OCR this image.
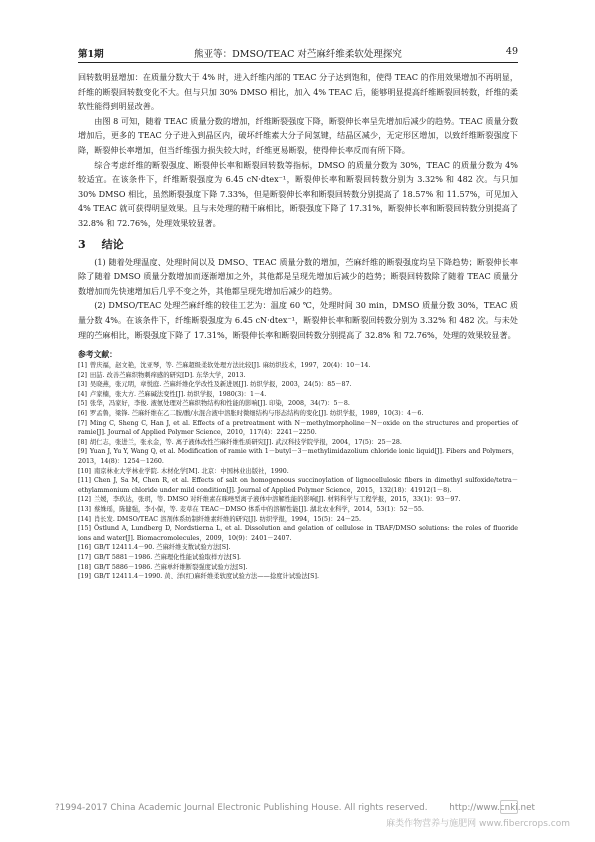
第1期	熊亚等：DMSO/TEAC 对苎麻纤维柔软处理探究	49

回转数明显增加：在质量分数大于 4% 时，进入纤维内部的 TEAC 分子达到饱和，使得 TEAC 的作用效果增加不再明显，纤维的断裂回转数变化不大。但与只加 30% DMSO 相比，加入 4% TEAC 后，能够明显提高纤维断裂回转数，纤维的柔软性能得到明显改善。

由图 8 可知，随着 TEAC 质量分数的增加，纤维断裂强度下降，断裂伸长率呈先增加后减少的趋势。TEAC 质量分数增加后，更多的 TEAC 分子进入到晶区内，破坏纤维素大分子间氢键，结晶区减少，无定形区增加，以致纤维断裂强度下降，断裂伸长率增加，但当纤维强力损失较大时，纤维更易断裂，使得伸长率反而有所下降。

综合考虑纤维的断裂强度、断裂伸长率和断裂回转数等指标，DMSO 的质量分数为 30%，TEAC 的质量分数为 4% 较适宜。在该条件下，纤维断裂强度为 6.45 cN·dtex⁻¹，断裂伸长率和断裂回转数分别为 3.32% 和 482 次。与只加 30% DMSO 相比，虽然断裂强度下降 7.33%，但是断裂伸长率和断裂回转数分别提高了 18.57% 和 11.57%，可见加入 4% TEAC 就可获得明显效果。且与未处理的精干麻相比，断裂强度下降了 17.31%，断裂伸长率和断裂回转数分别提高了 32.8% 和 72.76%，处理效果较显著。

3 结论

(1) 随着处理温度、处理时间以及 DMSO、TEAC 质量分数的增加，苎麻纤维的断裂强度均呈下降趋势；断裂伸长率除了随着 DMSO 质量分数增加而逐渐增加之外，其他都是呈现先增加后减少的趋势；断裂回转数除了随着 TEAC 质量分数增加而先快速增加后几乎不变之外，其他都呈现先增加后减少的趋势。

(2) DMSO/TEAC 处理苎麻纤维的较佳工艺为：温度 60 ℃，处理时间 30 min，DMSO 质量分数 30%，TEAC 质量分数 4%。在该条件下，纤维断裂强度为 6.45 cN·dtex⁻¹，断裂伸长率和断裂回转数分别为 3.32% 和 482 次。与未处理的苎麻相比，断裂强度下降了 17.31%，断裂伸长率和断裂回转数分别提高了 32.8% 和 72.76%，处理的效果较显著。

参考文献：
[1] 曾庆福，赵文艳，沈亚琴，等. 苎麻超级柔软处理方法比较[J]. 麻纺织技术，1997，20(4)：10－14.
[2] 田喆. 改善苎麻织物刺痒感的研究[D]. 东华大学，2013.
[3] 吴晓燕，张元明，章悦庭. 苎麻纤维化学改性及新进展[J]. 纺织学报，2003，24(5)：85－87.
[4] 卢家楠，张大方. 苎麻碱法变性[J]. 纺织学报，1980(3)：1－4.
[5] 张华，冯家好，李俊. 液氨处理对苎麻织物结构和性能的影响[J]. 印染，2008，34(7)：5－8.
[6] 罗孟鲁，梁锋. 苎麻纤维在乙二胺/酸/水混合液中溶胀时微细结构与形态结构的变化[J]. 纺织学报，1989，10(3)：4－6.
[7] Ming C, Sheng C, Han J, et al. Effects of a pretreatment with N－methylmorpholine－N－oxide on the structures and properties of ramie[J]. Journal of Applied Polymer Science，2010，117(4)：2241－2250.
[8] 胡仁志，张进兰，张永金，等. 离子液体改性苎麻纤维性质研究[J]. 武汉科技学院学报，2004，17(5)：25－28.
[9] Yuan J, Yu Y, Wang Q, et al. Modification of ramie with 1－butyl－3－methylimidazolium chloride ionic liquid[J]. Fibers and Polymers，2013，14(8)：1254－1260.
[10] 南京林业大学林业学院. 木材化学[M]. 北京：中国林业出版社，1990.
[11] Chen J, Sa M, Chen R, et al. Effects of salt on homogeneous succinoylation of lignocellulosic fibers in dimethyl sulfoxide/tetra－ethylammonium chloride under mild condition[J]. Journal of Applied Polymer Science，2015，132(18)：41912(1－8).
[12] 兰媛，李玖达，张玥，等. DMSO 对纤维素在咪唑型离子液体中溶解性能的影响[J]. 材料科学与工程学报，2015，33(1)：93－97.
[13] 蔡姝瑶，陈健强，李小保，等. 麦草在 TEAC－DMSO 体系中的溶解性能[J]. 湖北农业科学，2014，53(1)：52－55.
[14] 肖长发. DMSO/TEAC 溶剂体系纺制纤维素纤维的研究[J]. 纺织学报，1994，15(5)：24－25.
[15] Östlund A, Lundberg D, Nordstierna L, et al. Dissolution and gelation of cellulose in TBAF/DMSO solutions: the roles of fluoride ions and water[J]. Biomacromolecules，2009，10(9)：2401－2407.
[16] GB/T 12411.4－90. 苎麻纤维支数试验方法[S].
[17] GB/T 5881－1986. 苎麻理化性能试验取样方法[S].
[18] GB/T 5886－1986. 苎麻单纤维断裂强度试验方法[S].
[19] GB/T 12411.4－1990. 黄、洋(红)麻纤维柔软度试验方法——捻度计试验法[S].
?1994-2017 China Academic Journal Electronic Publishing House. All rights reserved. http://www.cnki.net
麻类作物营养与施肥网 www.fibercrops.com
